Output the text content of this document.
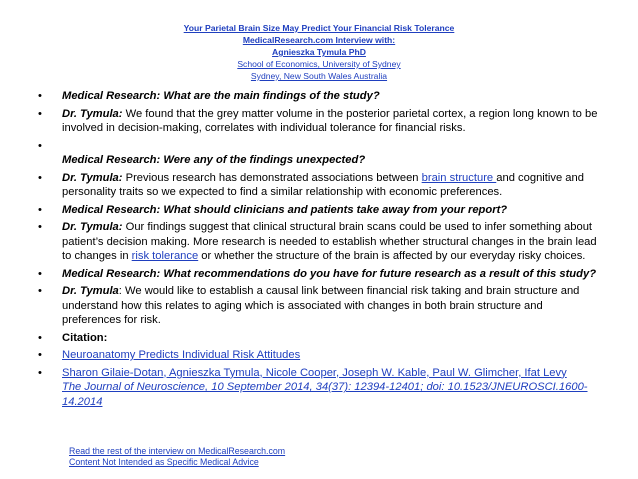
Your Parietal Brain Size May Predict Your Financial Risk Tolerance
MedicalResearch.com Interview with:
Agnieszka Tymula PhD
School of Economics, University of Sydney
Sydney, New South Wales Australia
• Medical Research: What are the main findings of the study?
• Dr. Tymula: We found that the grey matter volume in the posterior parietal cortex, a region long known to be involved in decision-making, correlates with individual tolerance for financial risks.
•
Medical Research: Were any of the findings unexpected?
• Dr. Tymula: Previous research has demonstrated associations between brain structure and cognitive and personality traits so we expected to find a similar relationship with economic preferences.
• Medical Research: What should clinicians and patients take away from your report?
• Dr. Tymula: Our findings suggest that clinical structural brain scans could be used to infer something about patient’s decision making. More research is needed to establish whether structural changes in the brain lead to changes in risk tolerance or whether the structure of the brain is affected by our everyday risky choices.
• Medical Research: What recommendations do you have for future research as a result of this study?
• Dr. Tymula: We would like to establish a causal link between financial risk taking and brain structure and understand how this relates to aging which is associated with changes in both brain structure and preferences for risk.
• Citation:
• Neuroanatomy Predicts Individual Risk Attitudes
• Sharon Gilaie-Dotan, Agnieszka Tymula, Nicole Cooper, Joseph W. Kable, Paul W. Glimcher, Ifat Levy
The Journal of Neuroscience, 10 September 2014, 34(37): 12394-12401; doi: 10.1523/JNEUROSCI.1600-14.2014
Read the rest of the interview on MedicalResearch.com
Content Not Intended as Specific Medical Advice
